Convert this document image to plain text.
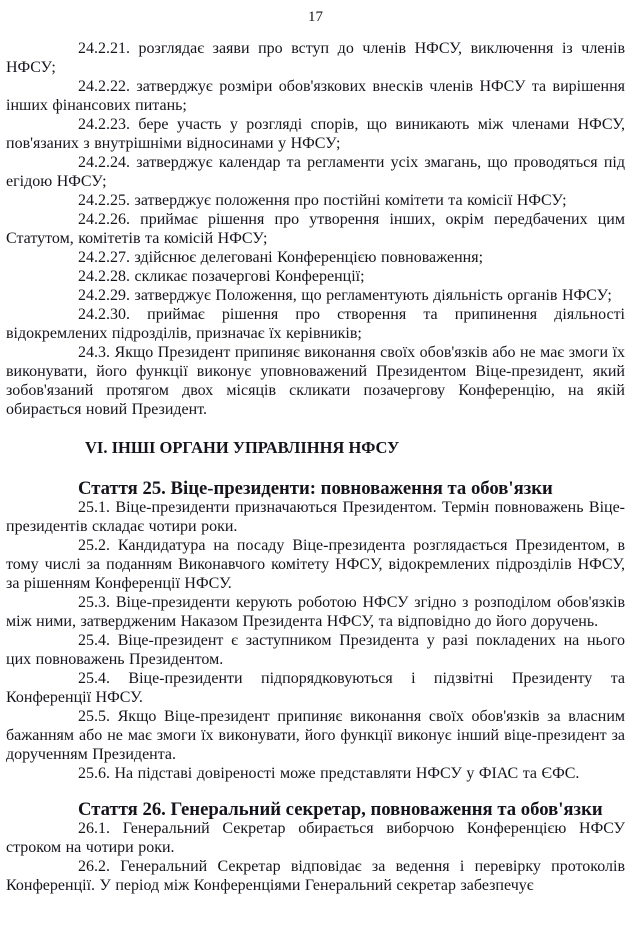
17

24.2.21. розглядає заяви про вступ до членів НФСУ, виключення із членів НФСУ;

24.2.22. затверджує розміри обов'язкових внесків членів НФСУ та вирішення інших фінансових питань;

24.2.23. бере участь у розгляді спорів, що виникають між членами НФСУ, пов'язаних з внутрішніми відносинами у НФСУ;

24.2.24. затверджує календар та регламенти усіх змагань, що проводяться під егідою НФСУ;

24.2.25. затверджує положення про постійні комітети та комісії НФСУ;

24.2.26. приймає рішення про утворення інших, окрім передбачених цим Статутом, комітетів та комісій НФСУ;

24.2.27. здійснює делеговані Конференцією повноваження;

24.2.28. скликає позачергові Конференції;

24.2.29. затверджує Положення, що регламентують діяльність органів НФСУ;

24.2.30. приймає рішення про створення та припинення діяльності відокремлених підрозділів, призначає їх керівників;

24.3. Якщо Президент припиняє виконання своїх обов'язків або не має змоги їх виконувати, його функції виконує уповноважений Президентом Віце-президент, який зобов'язаний протягом двох місяців скликати позачергову Конференцію, на якій обирається новий Президент.

VI. ІНШІ ОРГАНИ УПРАВЛІННЯ НФСУ
Стаття 25. Віце-президенти: повноваження та обов'язки

25.1. Віце-президенти призначаються Президентом. Термін повноважень Віце-президентів складає чотири роки.

25.2. Кандидатура на посаду Віце-президента розглядається Президентом, в тому числі за поданням Виконавчого комітету НФСУ, відокремлених підрозділів НФСУ, за рішенням Конференції НФСУ.

25.3. Віце-президенти керують роботою НФСУ згідно з розподілом обов'язків між ними, затвердженим Наказом Президента НФСУ, та відповідно до його доручень.

25.4. Віце-президент є заступником Президента у разі покладених на нього цих повноважень Президентом.

25.4. Віце-президенти підпорядковуються і підзвітні Президенту та Конференції НФСУ.

25.5. Якщо Віце-президент припиняє виконання своїх обов'язків за власним бажанням або не має змоги їх виконувати, його функції виконує інший віце-президент за дорученням Президента.

25.6. На підставі довіреності може представляти НФСУ у ФІАС та ЄФС.

Стаття 26. Генеральний секретар, повноваження та обов'язки

26.1. Генеральний Секретар обирається виборчою Конференцією НФСУ строком на чотири роки.

26.2. Генеральний Секретар відповідає за ведення і перевірку протоколів Конференції. У період між Конференціями Генеральний секретар забезпечує
